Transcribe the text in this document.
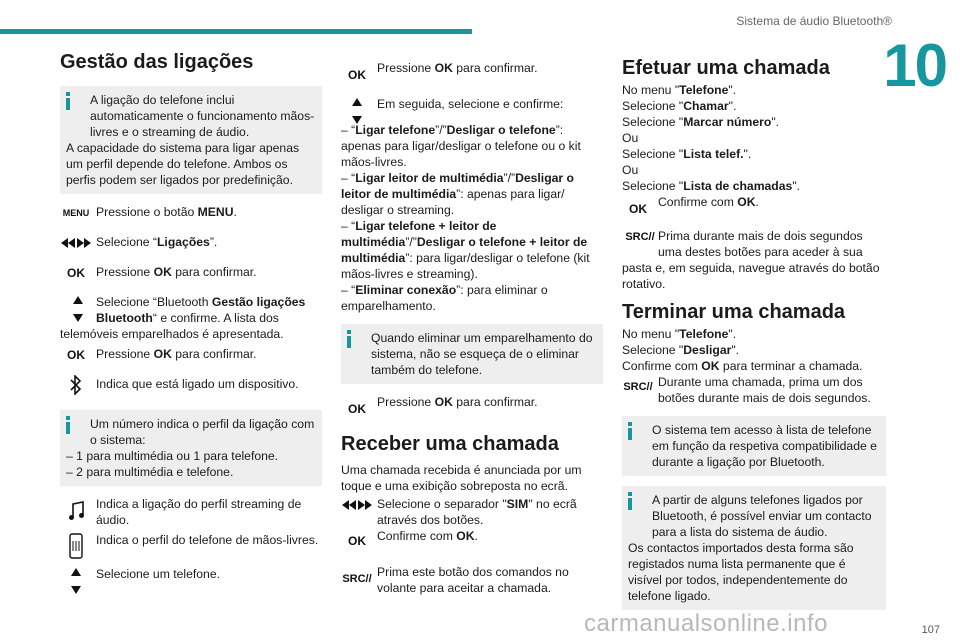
Sistema de áudio Bluetooth®
10
Gestão das ligações
A ligação do telefone inclui automaticamente o funcionamento mãos-livres e o streaming de áudio.
A capacidade do sistema para ligar apenas um perfil depende do telefone. Ambos os perfis podem ser ligados por predefinição.
MENU Pressione o botão MENU.
Selecione “Ligações”.
OK Pressione OK para confirmar.
Selecione “Bluetooth Gestão ligações Bluetooth“ e confirme. A lista dos telemóveis emparelhados é apresentada.
OK Pressione OK para confirmar.
Indica que está ligado um dispositivo.
Um número indica o perfil da ligação com o sistema:
– 1 para multimédia ou 1 para telefone.
– 2 para multimédia e telefone.
Indica a ligação do perfil streaming de áudio.
Indica o perfil do telefone de mãos-livres.
Selecione um telefone.
OK Pressione OK para confirmar.
Em seguida, selecione e confirme:
– “Ligar telefone”/”Desligar o telefone”: apenas para ligar/desligar o telefone ou o kit mãos-livres.
– “Ligar leitor de multimédia”/”Desligar o leitor de multimédia”: apenas para ligar/ desligar o streaming.
– “Ligar telefone + leitor de multimédia”/”Desligar o telefone + leitor de multimédia”: para ligar/desligar o telefone (kit mãos-livres e streaming).
– “Eliminar conexão”: para eliminar o emparelhamento.
Quando eliminar um emparelhamento do sistema, não se esqueça de o eliminar também do telefone.
OK Pressione OK para confirmar.
Receber uma chamada

Uma chamada recebida é anunciada por um toque e uma exibição sobreposta no ecrã.

Selecione o separador "SIM" no ecrã através dos botões.
OK Confirme com OK.
SRC // Prima este botão dos comandos no volante para aceitar a chamada.
Efetuar uma chamada
No menu "Telefone".
Selecione "Chamar".
Selecione "Marcar número".
Ou
Selecione "Lista telef.".
Ou
Selecione "Lista de chamadas".
OK Confirme com OK.
SRC // Prima durante mais de dois segundos uma destes botões para aceder à sua pasta e, em seguida, navegue através do botão rotativo.
Terminar uma chamada
No menu "Telefone".
Selecione "Desligar".
Confirme com OK para terminar a chamada.
SRC // Durante uma chamada, prima um dos botões durante mais de dois segundos.
O sistema tem acesso à lista de telefone em função da respetiva compatibilidade e durante a ligação por Bluetooth.
A partir de alguns telefones ligados por Bluetooth, é possível enviar um contacto para a lista do sistema de áudio.
Os contactos importados desta forma são registados numa lista permanente que é visível por todos, independentemente do telefone ligado.
carmanualsonline.info	107
